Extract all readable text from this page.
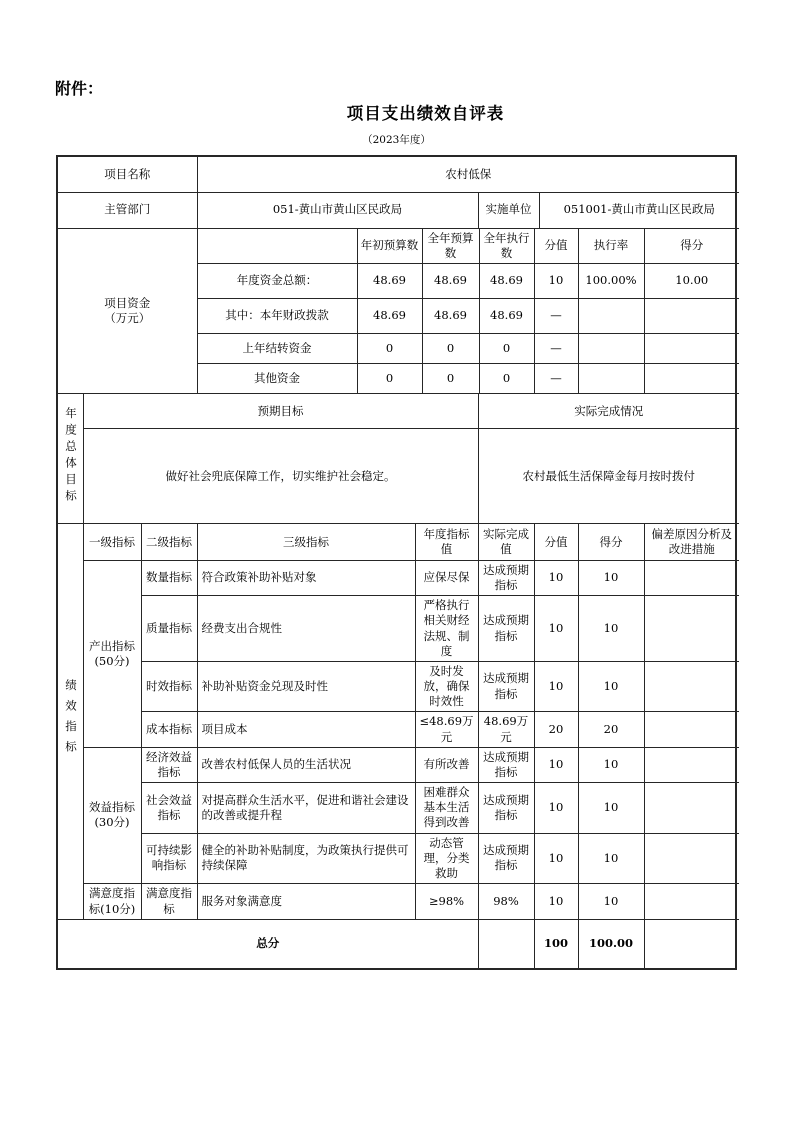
附件：
项目支出绩效自评表
（2023年度）
项目名称	农村低保		
主管部门	051-黄山市黄山区民政局	实施单位	051001-黄山市黄山区民政局
项目资金
（万元）		年初预算数	全年预算数	全年执行数	分值	执行率	得分
	年度资金总额：	48.69	48.69	48.69	10	100.00%	10.00
	其中：本年财政拨款	48.69	48.69	48.69	—		
	上年结转资金	0	0	0	—		
	其他资金	0	0	0	—		
年度总体目标	预期目标	实际完成情况
	做好社会兜底保障工作，切实维护社会稳定。	农村最低生活保障金每月按时拨付
绩效指标	一级指标	二级指标	三级指标	年度指标值	实际完成值	分值	得分	偏差原因分析及改进措施
	产出指标(50分)	数量指标	符合政策补助补贴对象	应保尽保	达成预期指标	10	10	
		质量指标	经费支出合规性	严格执行相关财经法规、制度	达成预期指标	10	10	
		时效指标	补助补贴资金兑现及时性	及时发放，确保时效性	达成预期指标	10	10	
		成本指标	项目成本	≤48.69万元	48.69万元	20	20	
	效益指标(30分)	经济效益指标	改善农村低保人员的生活状况	有所改善	达成预期指标	10	10	
		社会效益指标	对提高群众生活水平，促进和谐社会建设的改善或提升程	困难群众基本生活得到改善	达成预期指标	10	10	
		可持续影响指标	健全的补助补贴制度，为政策执行提供可持续保障	动态管理，分类救助	达成预期指标	10	10	
	满意度指标(10分)	满意度指标	服务对象满意度	≥98%	98%	10	10	
总分						100	100.00	
